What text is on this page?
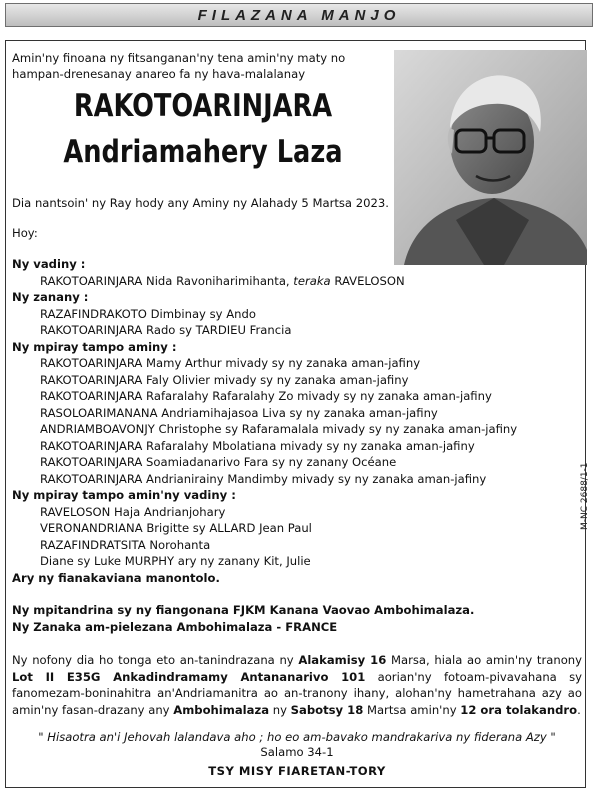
FILAZANA MANJO
Amin'ny finoana ny fitsanganan'ny tena amin'ny maty no hampan-drenesanay anareo fa ny hava-malalanay
RAKOTOARINJARA
Andriamahery Laza
Dia nantsoin' ny Ray hody any Aminy ny Alahady 5 Martsa 2023.
Hoy:
Ny vadiny :
RAKOTOARINJARA Nida Ravoniharimihanta, teraka RAVELOSON
Ny zanany :
RAZAFINDRAKOTO Dimbinay sy Ando
RAKOTOARINJARA Rado sy TARDIEU Francia
Ny mpiray tampo aminy :
RAKOTOARINJARA Mamy Arthur mivady sy ny zanaka aman-jafiny
RAKOTOARINJARA Faly Olivier mivady sy ny zanaka aman-jafiny
RAKOTOARINJARA Rafaralahy Rafaralahy Zo mivady sy ny zanaka aman-jafiny
RASOLOARIMANANA Andriamihajasoa Liva sy ny zanaka aman-jafiny
ANDRIAMBOAVONJY Christophe sy Rafaramalala mivady sy ny zanaka aman-jafiny
RAKOTOARINJARA Rafaralahy Mbolatiana mivady sy ny zanaka aman-jafiny
RAKOTOARINJARA Soamiadanarivo Fara sy ny zanany Océane
RAKOTOARINJARA Andrianirainy Mandimby mivady sy ny zanaka aman-jafiny
Ny mpiray tampo amin'ny vadiny :
RAVELOSON Haja Andrianjohary
VERONANDRIANA Brigitte sy ALLARD Jean Paul
RAZAFINDRATSITA Norohanta
Diane sy Luke MURPHY ary ny zanany Kit, Julie
Ary ny fianakaviana manontolo.
Ny mpitandrina sy ny fiangonana FJKM Kanana Vaovao Ambohimalaza.
Ny Zanaka am-pielezana Ambohimalaza - FRANCE
Ny nofony dia ho tonga eto an-tanindrazana ny Alakamisy 16 Marsa, hiala ao amin'ny tranony Lot II E35G Ankadindramamy Antananarivo 101 aorian'ny fotoam-pivavahana sy fanomezam-boninahitra an'Andriamanitra ao an-tranony ihany, alohan'ny hametrahana azy ao amin'ny fasan-drazany any Ambohimalaza ny Sabotsy 18 Martsa amin'ny 12 ora tolakandro.
" Hisaotra an'i Jehovah lalandava aho ; ho eo am-bavako mandrakariva ny fiderana Azy "
Salamo 34-1
TSY MISY FIARETAN-TORY
M-NC 2688/1-1
